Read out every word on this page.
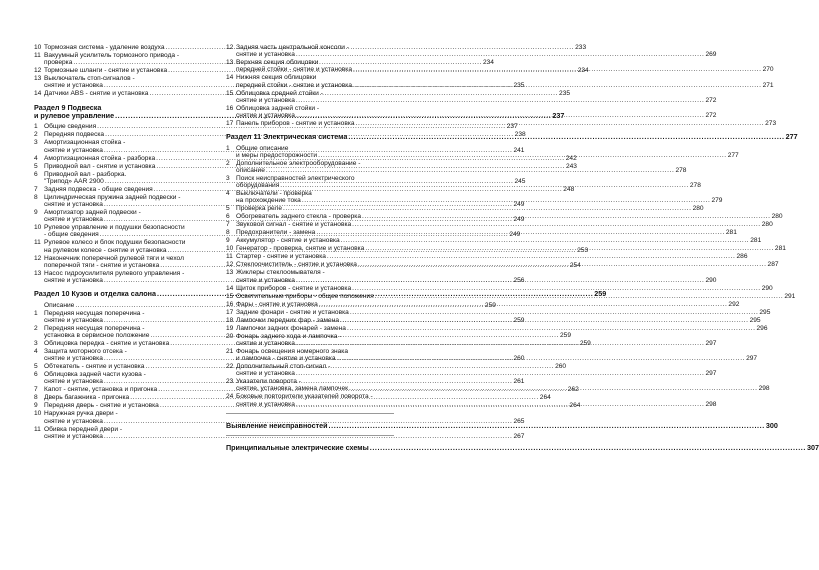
10 Тормозная система - удаление воздуха .....	233
11 Вакуумный усилитель тормозного привода -
проверка .....	234
12 Тормозные шланги - снятие и установка .....	234
13 Выключатель стоп-сигналов -
снятие и установка .....	235
14 Датчики ABS - снятие и установка .....	235
Раздел 9 Подвеска
и рулевое управление .....	237
1 Общие сведения .....	237
2 Передняя подвеска .....	238
3 Амортизационная стойка -
снятие и установка .....	241
4 Амортизационная стойка - разборка .....	242
5 Приводной вал - снятие и установка .....	243
6 Приводной вал - разборка.
"Трипод» AAR 2900 .....	245
7 Задняя подвеска - общие сведения .....	248
8 Цилиндрическая пружина задней подвески -
снятие и установка .....	249
9 Амортизатор задней подвески -
снятие и установка .....	249
10 Рулевое управление и подушки безопасности
- общие сведения .....	249
11 Рулевое колесо и блок подушки безопасности
на рулевом колесе - снятие и установка .....	253
12 Наконечник поперечной рулевой тяги и чехол
поперечной тяги - снятие и установка .....	254
13 Насос гидроусилителя рулевого управления -
снятие и установка .....	256
Раздел 10 Кузов и отделка салона .....	259
Описание .....	259
1 Передняя несущая поперечина -
снятие и установка .....	259
2 Передняя несущая поперечина -
установка в сервисное положение .....	259
3 Облицовка передка - снятие и установка .....	259
4 Защита моторного отсека -
снятие и установка .....	260
5 Обтекатель - снятие и установка .....	260
6 Облицовка задней части кузова -
снятие и установка .....	261
7 Капот - снятие, установка и пригонка .....	262
8 Дверь багажника - пригонка .....	264
9 Передняя дверь - снятие и установка .....	264
10 Наружная ручка двери -
снятие и установка .....	265
11 Обивка передней двери -
снятие и установка .....	267
12 Задняя часть центральной консоли -
снятие и установка .....	269
13 Верхняя секция облицовки
передней стойки - снятие и установка .....	270
14 Нижняя секция облицовки
передней стойки - снятие и установка .....	271
15 Облицовка средней стойки -
снятие и установка .....	272
16 Облицовка задней стойки -
снятие и установка .....	272
17 Панель приборов - снятие и установка .....	273
Раздел 11 Электрическая система .....	277
1 Общие описание
и меры предосторожности .....	277
2 Дополнительное электрооборудование -
описание .....	278
3 Поиск неисправностей электрического
оборудования .....	278
4 Выключатели - проверка
на прохождение тока .....	279
5 Проверка реле .....	280
6 Обогреватель заднего стекла - проверка .....	280
7 Звуковой сигнал - снятие и установка .....	280
8 Предохранители - замена .....	281
9 Аккумулятор - снятие и установка .....	281
10 Генератор - проверка, снятие и установка .....	281
11 Стартер - снятие и установка .....	286
12 Стеклоочиститель - снятие и установка .....	287
13 Жиклеры стеклоомывателя -
снятие и установка .....	290
14 Щиток приборов - снятие и установка .....	290
15 Осветительные приборы - общее положения .....	291
16 Фары - снятие и установка .....	292
17 Задние фонари - снятие и установка .....	295
18 Лампочки передних фар - замена .....	295
19 Лампочки задних фонарей - замена .....	296
20 Фонарь заднего хода и лампочка -
снятие и установка .....	297
21 Фонарь освещения номерного знака
и лампочка - снятие и установка .....	297
22 Дополнительный стоп-сигнал -
снятие и установка .....	297
23 Указатели поворота -
снятие, установка, замена лампочек .....	298
24 Боковые повторители указателей поворота -
снятие и установка .....	298
Выявление неисправностей .....	300
Принципиальные электрические схемы .....	307
